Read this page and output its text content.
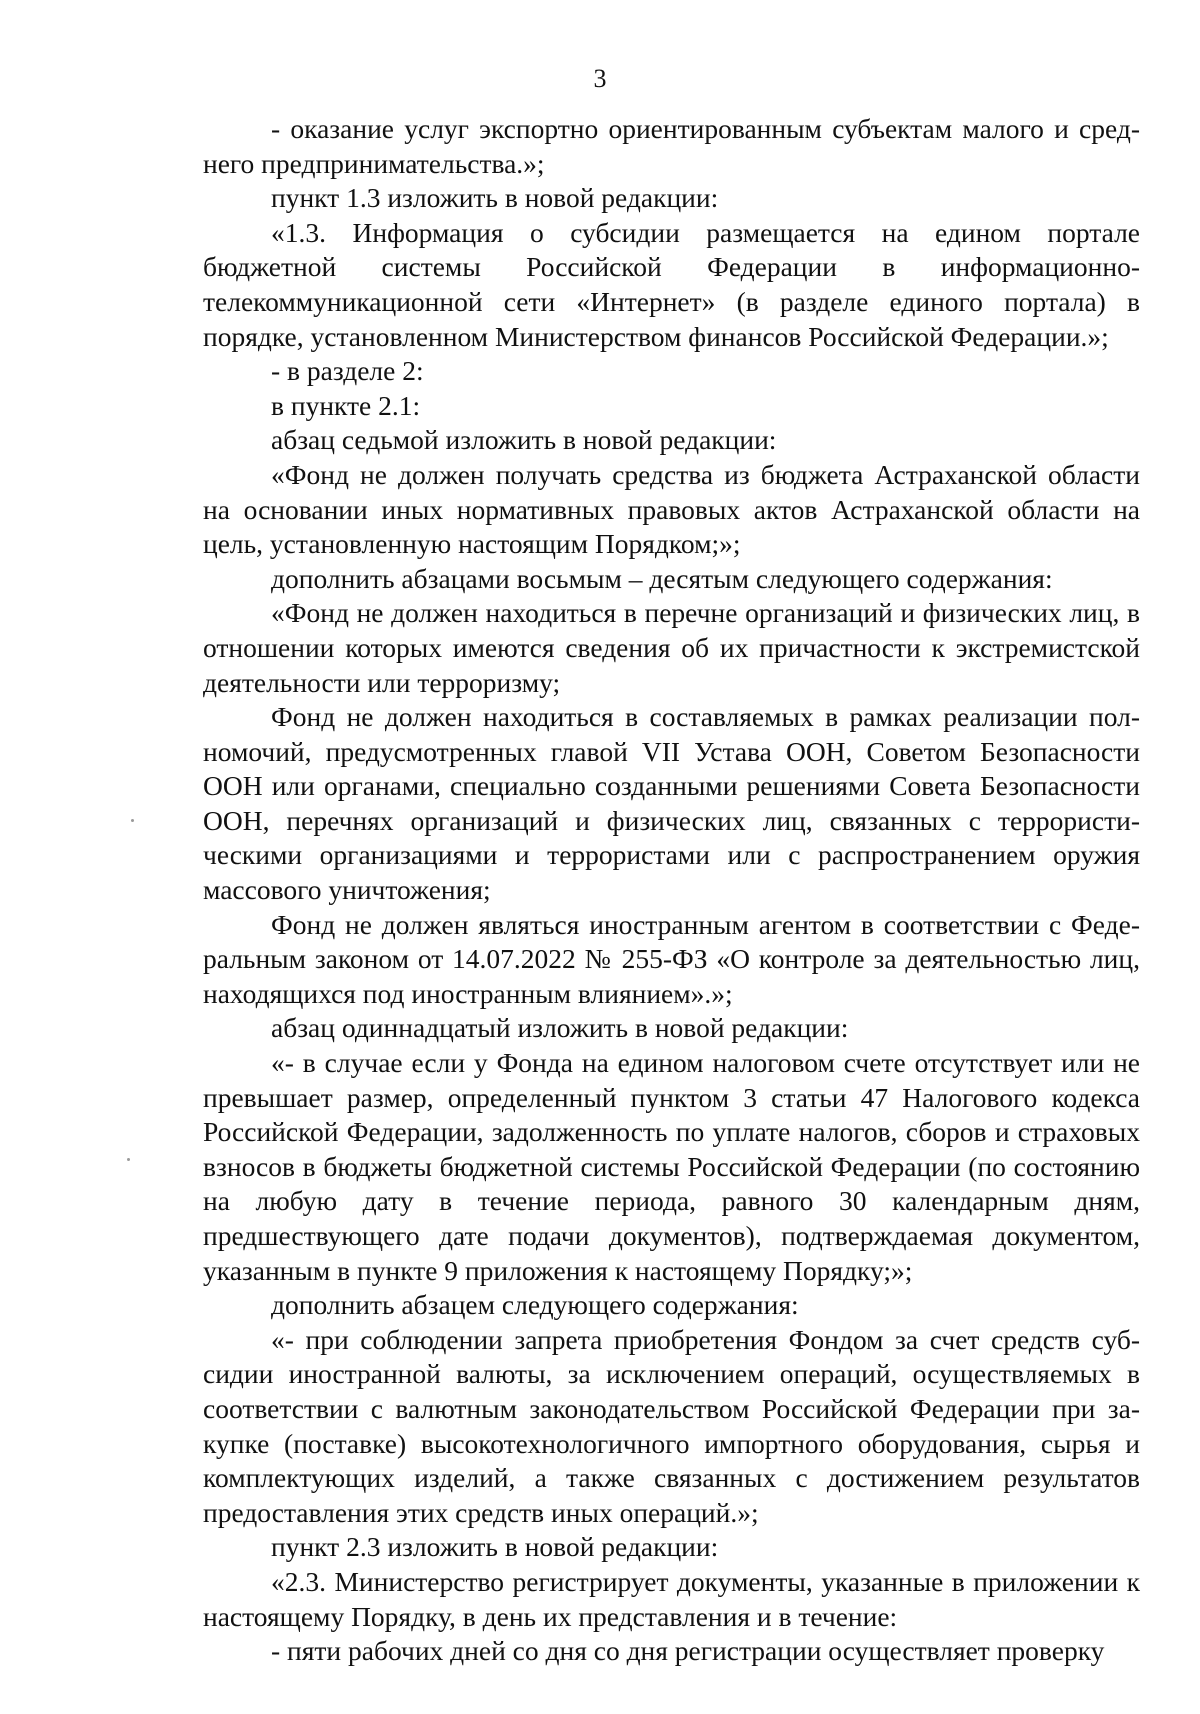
3

- оказание услуг экспортно ориентированным субъектам малого и среднего предпринимательства.»;

пункт 1.3 изложить в новой редакции:

«1.3. Информация о субсидии размещается на едином портале бюджетной системы Российской Федерации в информационно-телекоммуникационной сети «Интернет» (в разделе единого портала) в порядке, установленном Министерством финансов Российской Федерации.»;

- в разделе 2:

в пункте 2.1:

абзац седьмой изложить в новой редакции:

«Фонд не должен получать средства из бюджета Астраханской области на основании иных нормативных правовых актов Астраханской области на цель, установленную настоящим Порядком;»;

дополнить абзацами восьмым – десятым следующего содержания:

«Фонд не должен находиться в перечне организаций и физических лиц, в отношении которых имеются сведения об их причастности к экстремистской деятельности или терроризму;

Фонд не должен находиться в составляемых в рамках реализации полномочий, предусмотренных главой VII Устава ООН, Советом Безопасности ООН или органами, специально созданными решениями Совета Безопасности ООН, перечнях организаций и физических лиц, связанных с террористическими организациями и террористами или с распространением оружия массового уничтожения;

Фонд не должен являться иностранным агентом в соответствии с Федеральным законом от 14.07.2022 № 255-ФЗ «О контроле за деятельностью лиц, находящихся под иностранным влиянием».»;

абзац одиннадцатый изложить в новой редакции:

«- в случае если у Фонда на едином налоговом счете отсутствует или не превышает размер, определенный пунктом 3 статьи 47 Налогового кодекса Российской Федерации, задолженность по уплате налогов, сборов и страховых взносов в бюджеты бюджетной системы Российской Федерации (по состоянию на любую дату в течение периода, равного 30 календарным дням, предшествующего дате подачи документов), подтверждаемая документом, указанным в пункте 9 приложения к настоящему Порядку;»;

дополнить абзацем следующего содержания:

«- при соблюдении запрета приобретения Фондом за счет средств субсидии иностранной валюты, за исключением операций, осуществляемых в соответствии с валютным законодательством Российской Федерации при закупке (поставке) высокотехнологичного импортного оборудования, сырья и комплектующих изделий, а также связанных с достижением результатов предоставления этих средств иных операций.»;

пункт 2.3 изложить в новой редакции:

«2.3. Министерство регистрирует документы, указанные в приложении к настоящему Порядку, в день их представления и в течение:

- пяти рабочих дней со дня со дня регистрации осуществляет проверку
